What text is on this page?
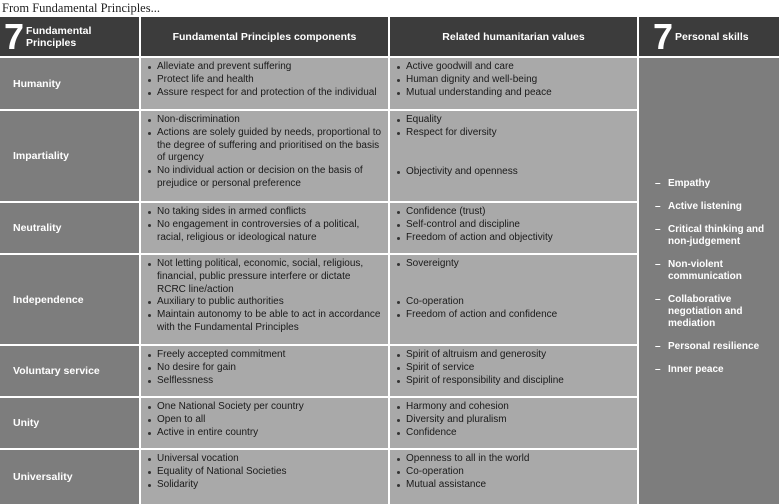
From Fundamental Principles...
7 Fundamental Principles	Fundamental Principles components	Related humanitarian values 7 Personal skills
Humanity
Alleviate and prevent suffering
Protect life and health
Assure respect for and protection of the individual
Active goodwill and care
Human dignity and well-being
Mutual understanding and peace
Impartiality
Non-discrimination
Actions are solely guided by needs, proportional to the degree of suffering and prioritised on the basis of urgency
No individual action or decision on the basis of prejudice or personal preference
Equality
Respect for diversity
Objectivity and openness
Neutrality
No taking sides in armed conflicts
No engagement in controversies of a political, racial, religious or ideological nature
Confidence (trust)
Self-control and discipline
Freedom of action and objectivity
Independence
Not letting political, economic, social, religious, financial, public pressure interfere or dictate RCRC line/action
Auxiliary to public authorities
Maintain autonomy to be able to act in accordance with the Fundamental Principles
Sovereignty
Co-operation
Freedom of action and confidence
Voluntary service
Freely accepted commitment
No desire for gain
Selflessness
Spirit of altruism and generosity
Spirit of service
Spirit of responsibility and discipline
Unity
One National Society per country
Open to all
Active in entire country
Harmony and cohesion
Diversity and pluralism
Confidence
Universality
Universal vocation
Equality of National Societies
Solidarity
Openness to all in the world
Co-operation
Mutual assistance
– Empathy
– Active listening
– Critical thinking and non-judgement
– Non-violent communication
– Collaborative negotiation and mediation
– Personal resilience
– Inner peace
